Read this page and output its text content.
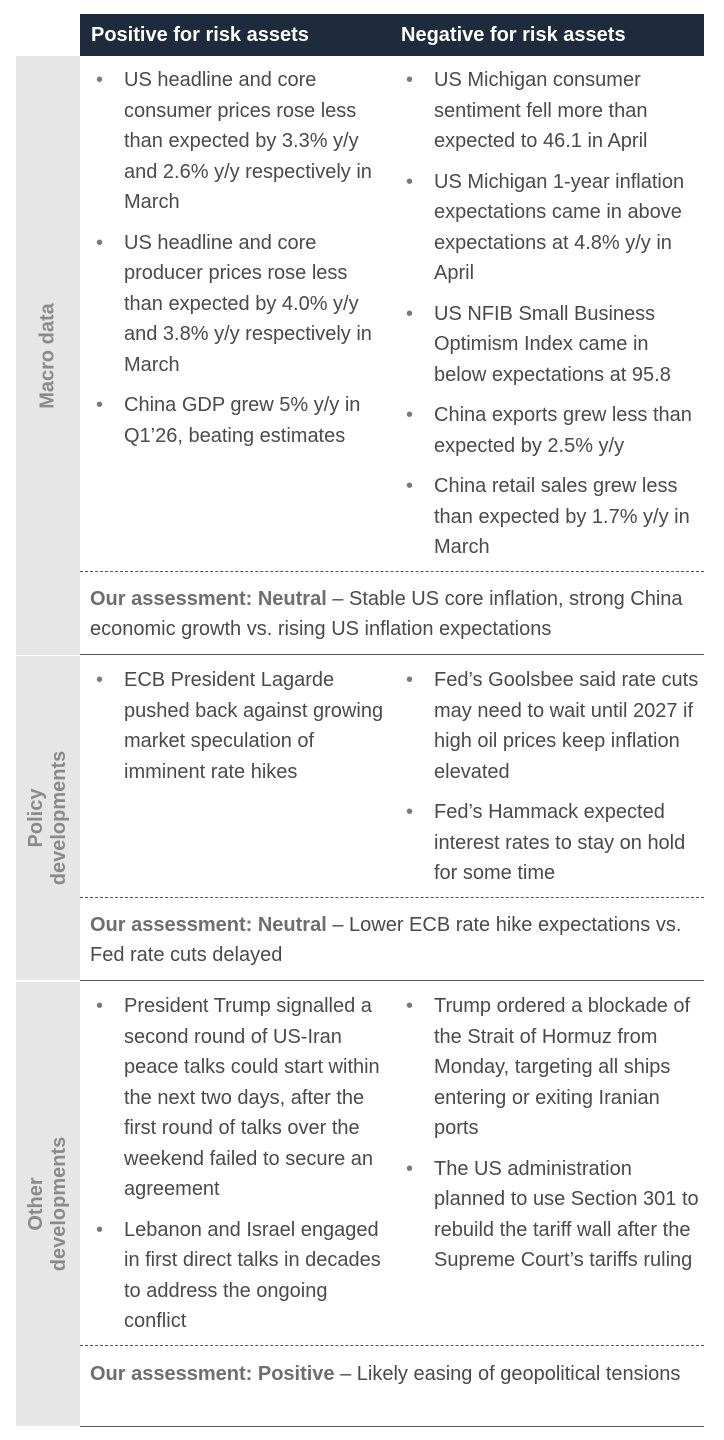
Positive for risk assets	Negative for risk assets
Macro data
• US headline and core consumer prices rose less than expected by 3.3% y/y and 2.6% y/y respectively in March
• US headline and core producer prices rose less than expected by 4.0% y/y and 3.8% y/y respectively in March
• China GDP grew 5% y/y in Q1’26, beating estimates
• US Michigan consumer sentiment fell more than expected to 46.1 in April
• US Michigan 1-year inflation expectations came in above expectations at 4.8% y/y in April
• US NFIB Small Business Optimism Index came in below expectations at 95.8
• China exports grew less than expected by 2.5% y/y
• China retail sales grew less than expected by 1.7% y/y in March
Our assessment: Neutral – Stable US core inflation, strong China economic growth vs. rising US inflation expectations
Policy
developments
• ECB President Lagarde pushed back against growing market speculation of imminent rate hikes
• Fed’s Goolsbee said rate cuts may need to wait until 2027 if high oil prices keep inflation elevated
• Fed’s Hammack expected interest rates to stay on hold for some time
Our assessment: Neutral – Lower ECB rate hike expectations vs. Fed rate cuts delayed
Other
developments
• President Trump signalled a second round of US-Iran peace talks could start within the next two days, after the first round of talks over the weekend failed to secure an agreement
• Lebanon and Israel engaged in first direct talks in decades to address the ongoing conflict
• Trump ordered a blockade of the Strait of Hormuz from Monday, targeting all ships entering or exiting Iranian ports
• The US administration planned to use Section 301 to rebuild the tariff wall after the Supreme Court’s tariffs ruling
Our assessment: Positive – Likely easing of geopolitical tensions
